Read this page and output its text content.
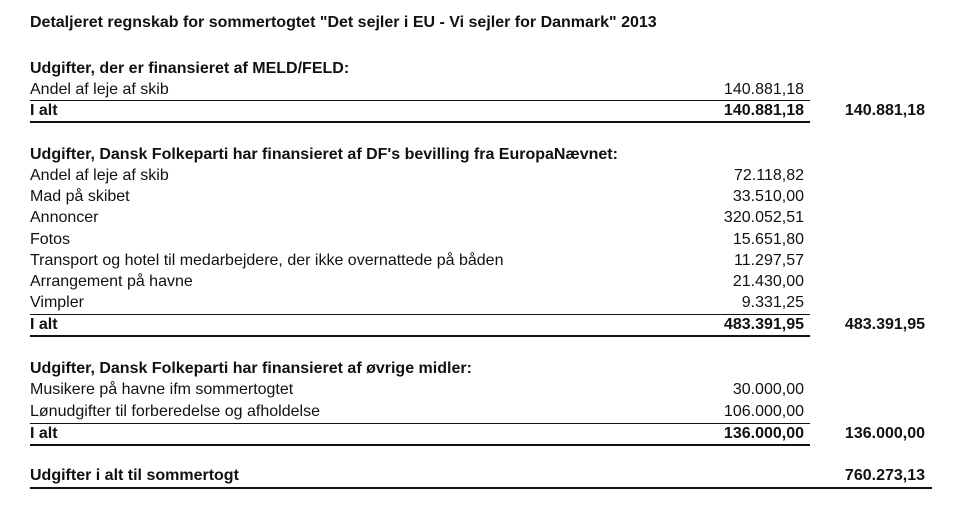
Detaljeret regnskab for sommertogtet "Det sejler i EU - Vi sejler for Danmark" 2013
Udgifter, der er finansieret af MELD/FELD:
Andel af leje af skib	140.881,18
I alt	140.881,18	140.881,18
Udgifter, Dansk Folkeparti har finansieret af DF's bevilling fra EuropaNævnet:
Andel af leje af skib	72.118,82
Mad på skibet	33.510,00
Annoncer	320.052,51
Fotos	15.651,80
Transport og hotel til medarbejdere, der ikke overnattede på båden	11.297,57
Arrangement på havne	21.430,00
Vimpler	9.331,25
I alt	483.391,95	483.391,95
Udgifter, Dansk Folkeparti har finansieret af øvrige midler:
Musikere på havne ifm sommertogtet	30.000,00
Lønudgifter til forberedelse og afholdelse	106.000,00
I alt	136.000,00	136.000,00
Udgifter i alt til sommertogt	760.273,13
